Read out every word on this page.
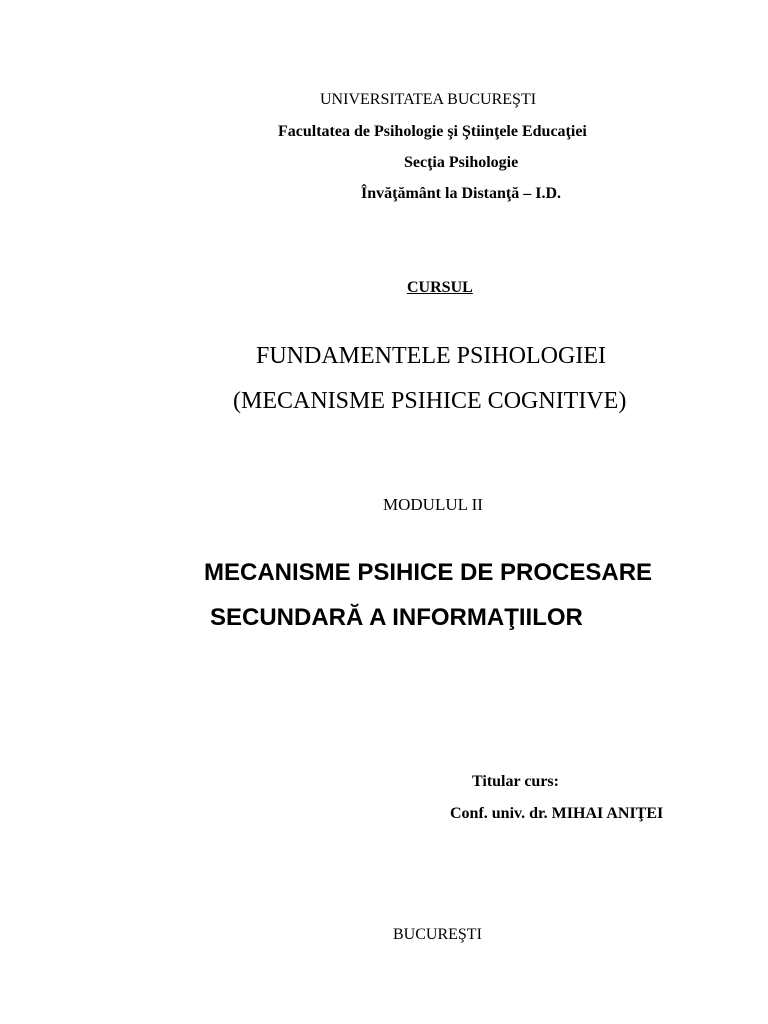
UNIVERSITATEA BUCUREŞTI
Facultatea de Psihologie şi Ştiinţele Educaţiei
Secţia Psihologie
Învăţământ la Distanţă – I.D.
CURSUL
FUNDAMENTELE PSIHOLOGIEI
(MECANISME PSIHICE COGNITIVE)
MODULUL II
MECANISME PSIHICE DE PROCESARE
SECUNDARĂ A INFORMAŢIILOR
Titular curs:
Conf. univ. dr. MIHAI ANIŢEI
BUCUREŞTI
